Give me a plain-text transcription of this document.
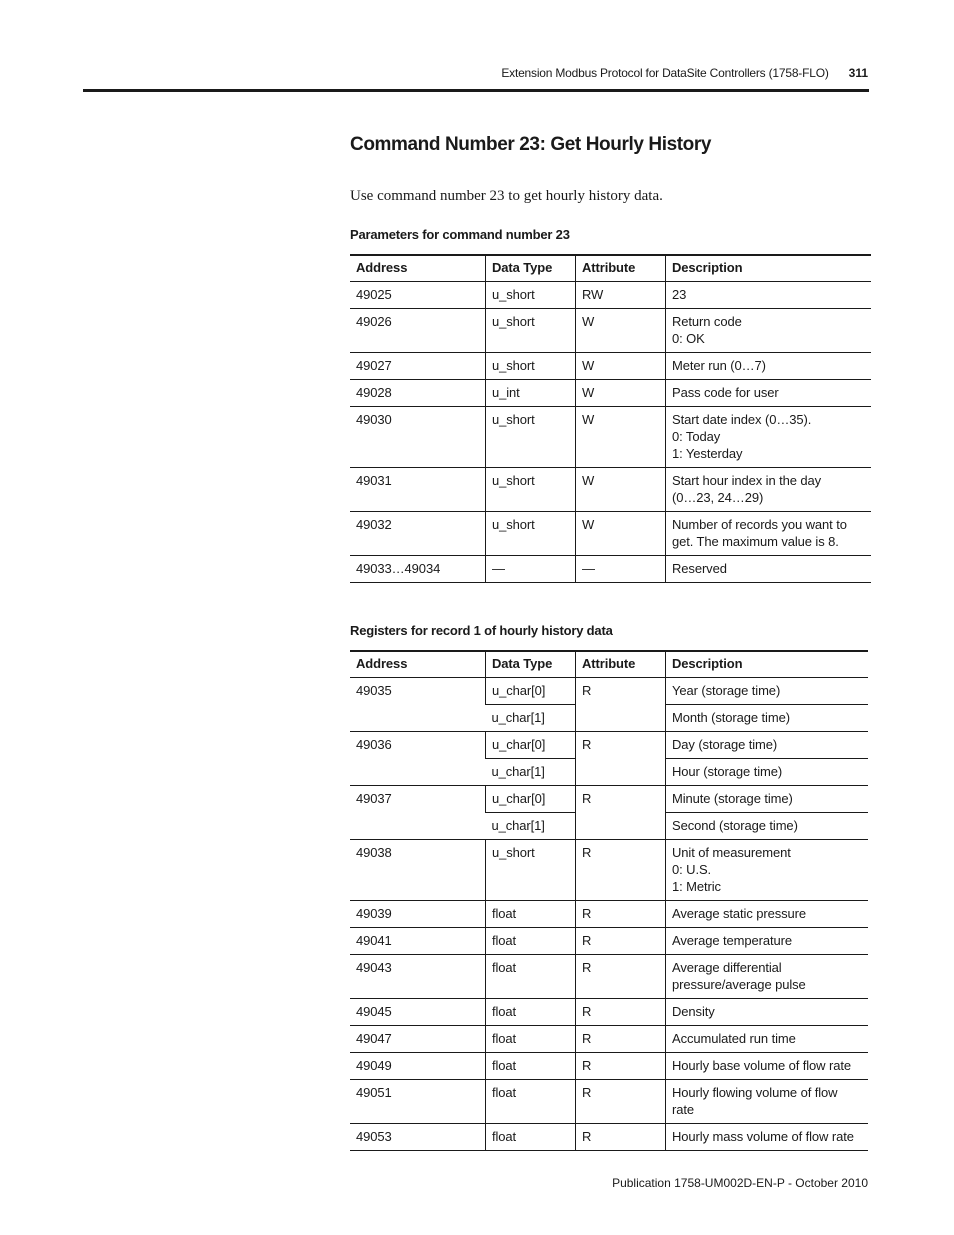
Extension Modbus Protocol for DataSite Controllers (1758-FLO) 311
Command Number 23: Get Hourly History

Use command number 23 to get hourly history data.

Parameters for command number 23
Address	Data Type	Attribute	Description
49025	u_short	RW	23
49026	u_short	W	Return code
0: OK
49027	u_short	W	Meter run (0…7)
49028	u_int	W	Pass code for user
49030	u_short	W	Start date index (0…35).
0: Today
1: Yesterday
49031	u_short	W	Start hour index in the day
(0…23, 24…29)
49032	u_short	W	Number of records you want to
get. The maximum value is 8.
49033…49034	—	—	Reserved
Registers for record 1 of hourly history data
Address	Data Type	Attribute	Description
49035	u_char[0]	R	Year (storage time)
	u_char[1]		Month (storage time)
49036	u_char[0]	R	Day (storage time)
	u_char[1]		Hour (storage time)
49037	u_char[0]	R	Minute (storage time)
	u_char[1]		Second (storage time)
49038	u_short	R	Unit of measurement
0: U.S.
1: Metric
49039	float	R	Average static pressure
49041	float	R	Average temperature
49043	float	R	Average differential
pressure/average pulse
49045	float	R	Density
49047	float	R	Accumulated run time
49049	float	R	Hourly base volume of flow rate
49051	float	R	Hourly flowing volume of flow
rate
49053	float	R	Hourly mass volume of flow rate
Publication 1758-UM002D-EN-P - October 2010
